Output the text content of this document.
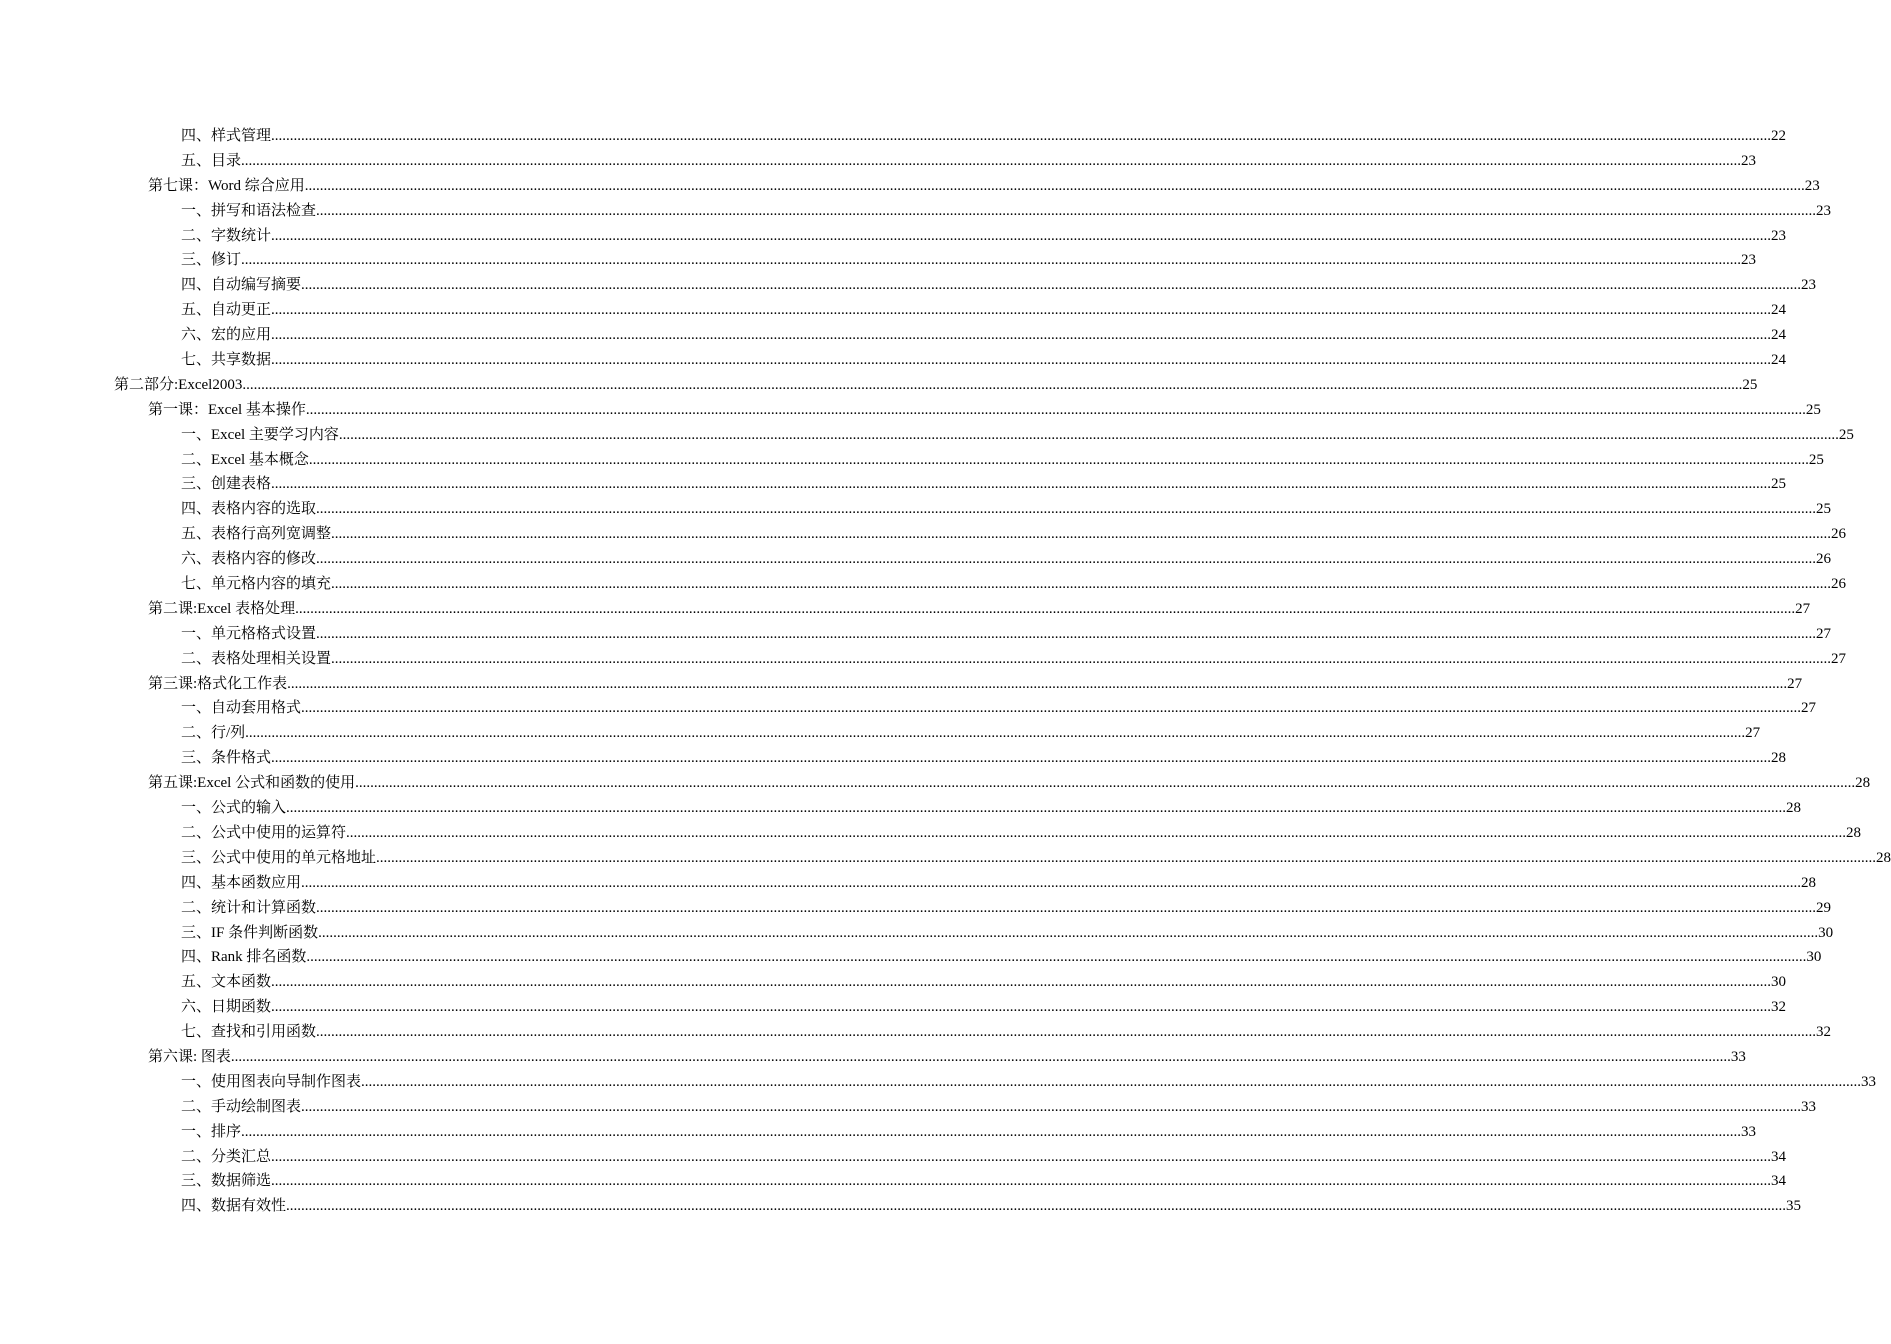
四、样式管理 ................................................................................................................................................................................................................................................................................................................................................................................................................ 22
五、目录 ................................................................................................................................................................................................................................................................................................................................................................................................................ 23
第七课：Word 综合应用 ................................................................................................................................................................................................................................................................................................................................................................................................................ 23
一、拼写和语法检查 ................................................................................................................................................................................................................................................................................................................................................................................................................ 23
二、字数统计 ................................................................................................................................................................................................................................................................................................................................................................................................................ 23
三、修订 ................................................................................................................................................................................................................................................................................................................................................................................................................ 23
四、自动编写摘要 ................................................................................................................................................................................................................................................................................................................................................................................................................ 23
五、自动更正 ................................................................................................................................................................................................................................................................................................................................................................................................................ 24
六、宏的应用 ................................................................................................................................................................................................................................................................................................................................................................................................................ 24
七、共享数据 ................................................................................................................................................................................................................................................................................................................................................................................................................ 24
第二部分:Excel2003 ................................................................................................................................................................................................................................................................................................................................................................................................................ 25
第一课：Excel 基本操作 ................................................................................................................................................................................................................................................................................................................................................................................................................ 25
一、Excel 主要学习内容 ................................................................................................................................................................................................................................................................................................................................................................................................................ 25
二、Excel 基本概念 ................................................................................................................................................................................................................................................................................................................................................................................................................ 25
三、创建表格 ................................................................................................................................................................................................................................................................................................................................................................................................................ 25
四、表格内容的选取 ................................................................................................................................................................................................................................................................................................................................................................................................................ 25
五、表格行高列宽调整 ................................................................................................................................................................................................................................................................................................................................................................................................................ 26
六、表格内容的修改 ................................................................................................................................................................................................................................................................................................................................................................................................................ 26
七、单元格内容的填充 ................................................................................................................................................................................................................................................................................................................................................................................................................ 26
第二课:Excel 表格处理 ................................................................................................................................................................................................................................................................................................................................................................................................................ 27
一、单元格格式设置 ................................................................................................................................................................................................................................................................................................................................................................................................................ 27
二、表格处理相关设置 ................................................................................................................................................................................................................................................................................................................................................................................................................ 27
第三课:格式化工作表 ................................................................................................................................................................................................................................................................................................................................................................................................................ 27
一、自动套用格式 ................................................................................................................................................................................................................................................................................................................................................................................................................ 27
二、行/列 ................................................................................................................................................................................................................................................................................................................................................................................................................ 27
三、条件格式 ................................................................................................................................................................................................................................................................................................................................................................................................................ 28
第五课:Excel 公式和函数的使用 ................................................................................................................................................................................................................................................................................................................................................................................................................ 28
一、公式的输入 ................................................................................................................................................................................................................................................................................................................................................................................................................ 28
二、公式中使用的运算符 ................................................................................................................................................................................................................................................................................................................................................................................................................ 28
三、公式中使用的单元格地址 ................................................................................................................................................................................................................................................................................................................................................................................................................ 28
四、基本函数应用 ................................................................................................................................................................................................................................................................................................................................................................................................................ 28
二、统计和计算函数 ................................................................................................................................................................................................................................................................................................................................................................................................................ 29
三、IF 条件判断函数 ................................................................................................................................................................................................................................................................................................................................................................................................................ 30
四、Rank 排名函数 ................................................................................................................................................................................................................................................................................................................................................................................................................ 30
五、文本函数 ................................................................................................................................................................................................................................................................................................................................................................................................................ 30
六、日期函数 ................................................................................................................................................................................................................................................................................................................................................................................................................ 32
七、查找和引用函数 ................................................................................................................................................................................................................................................................................................................................................................................................................ 32
第六课: 图表 ................................................................................................................................................................................................................................................................................................................................................................................................................ 33
一、使用图表向导制作图表 ................................................................................................................................................................................................................................................................................................................................................................................................................ 33
二、手动绘制图表 ................................................................................................................................................................................................................................................................................................................................................................................................................ 33
一、排序 ................................................................................................................................................................................................................................................................................................................................................................................................................ 33
二、分类汇总 ................................................................................................................................................................................................................................................................................................................................................................................................................ 34
三、数据筛选 ................................................................................................................................................................................................................................................................................................................................................................................................................ 34
四、数据有效性 ................................................................................................................................................................................................................................................................................................................................................................................................................ 35
